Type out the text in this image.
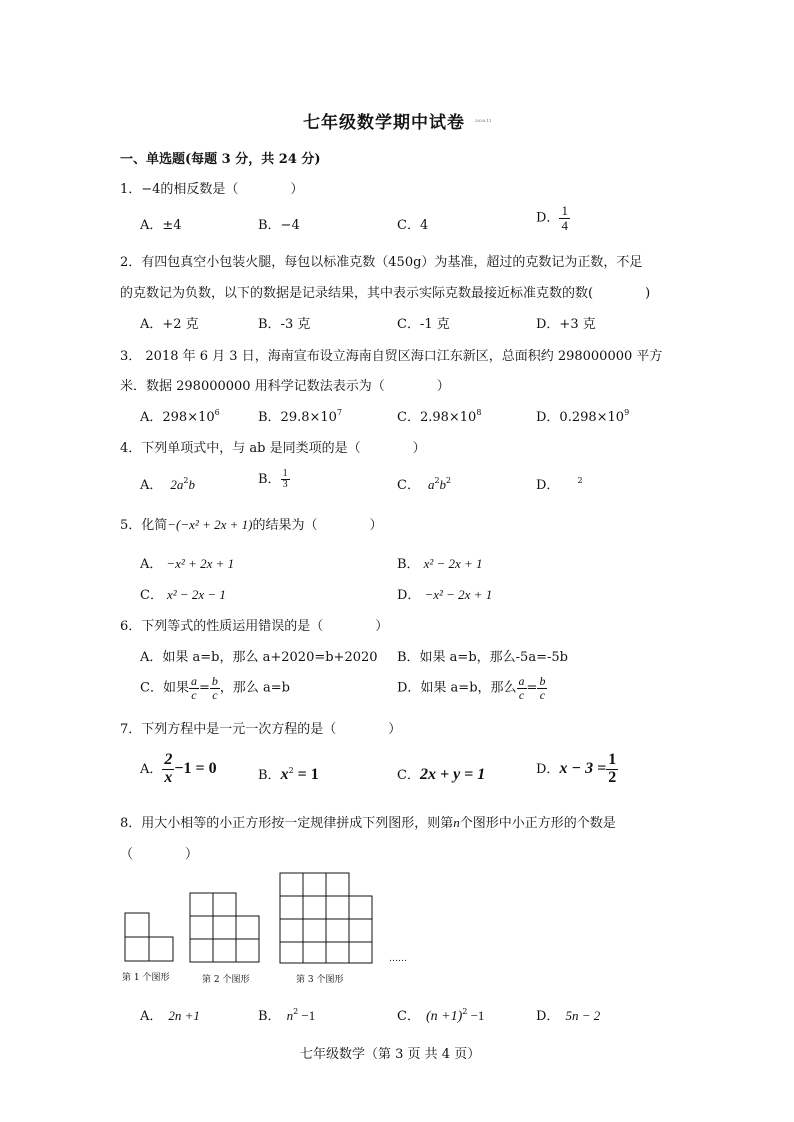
七年级数学期中试卷	2020.11
一、单选题(每题 3 分，共 24 分)
1．−4的相反数是（　　　　）
A．±4	B．−4	C．4	D． $\frac{1}{4}$
2．有四包真空小包装火腿，每包以标准克数（450g）为基准，超过的克数记为正数，不足
的克数记为负数，以下的数据是记录结果，其中表示实际克数最接近标准克数的数(　　　　)
A．+2 克	B．-3 克	C．-1 克	D．+3 克
3． 2018 年 6 月 3 日，海南宣布设立海南自贸区海口江东新区，总面积约 298000000 平方
米．数据 298000000 用科学记数法表示为（　　　　）
A．$298\times 10^6$	B．$29.8\times 10^7$	C．$2.98\times 10^8$	D．$0.298\times 10^9$
4．下列单项式中，与 ab 是同类项的是（　　　　）
A． $2a^2b$	B． $\frac{1}{3}$	C． $a^2b^2$	D． $^2$
5．化简−(−x² + 2x + 1)的结果为（　　　　）
A． −x² + 2x + 1	B． x² − 2x + 1
C． x² − 2x − 1	D． −x² − 2x + 1
6．下列等式的性质运用错误的是（　　　　）
A．如果 a=b，那么 a+2020=b+2020 B．如果 a=b，那么-5a=-5b
C．如果 $\frac{a}{c} = \frac{b}{c}$ ，那么 a=b	D．如果 a=b，那么 $\frac{a}{c} = \frac{b}{c}$
7．下列方程中是一元一次方程的是（　　　　）
A． $\frac{2}{x} -1 = 0$	B．$x^2 = 1$	C．2x + y = 1	D．$x - 3 = \frac{1}{2}$
8．用大小相等的小正方形按一定规律拼成下列图形，则第n个图形中小正方形的个数是
（　　　　）
第 1 个图形	第 2 个图形	第 3 个图形
……
A． 2n +1	B． $n^2 -1$	C． $(n +1)^2 -1$	D． 5n − 2
七年级数学（第 3 页 共 4 页）
